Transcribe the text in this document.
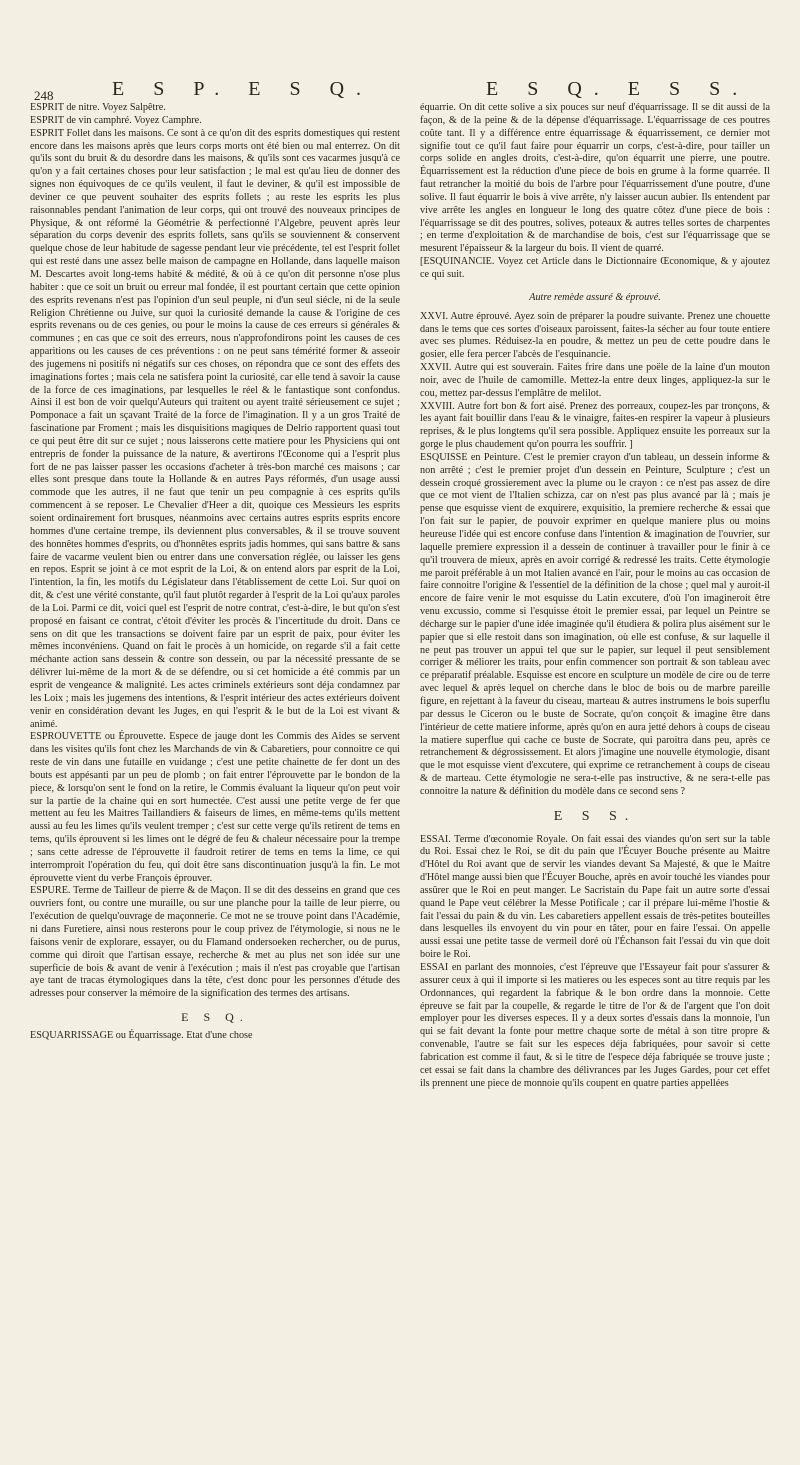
248	E S P. E S Q.	E S Q. E S S.

ESPRIT de nitre. Voyez Salpêtre.

ESPRIT de vin camphré. Voyez Camphre.

ESPRIT Follet dans les maisons. Ce sont à ce qu'on dit des esprits domestiques qui restent encore dans les maisons après que leurs corps morts ont été bien ou mal enterrez. On dit qu'ils sont du bruit & du desordre dans les maisons, & qu'ils sont ces vacarmes jusqu'à ce qu'on y a fait certaines choses pour leur satisfaction ; le mal est qu'au lieu de donner des signes non équivoques de ce qu'ils veulent, il faut le deviner, & qu'il est impossible de deviner ce que peuvent souhaiter des esprits follets ; au reste les esprits les plus raisonnables pendant l'animation de leur corps, qui ont trouvé des nouveaux principes de Physique, & ont réformé la Géométrie & perfectionné l'Algebre, peuvent après leur séparation du corps devenir des esprits follets, sans qu'ils se souviennent & conservent quelque chose de leur habitude de sagesse pendant leur vie précédente, tel est l'esprit follet qui est resté dans une assez belle maison de campagne en Hollande, dans laquelle maison M. Descartes avoit long-tems habité & médité, & où à ce qu'on dit personne n'ose plus habiter : que ce soit un bruit ou erreur mal fondée, il est pourtant certain que cette opinion des esprits revenans n'est pas l'opinion d'un seul peuple, ni d'un seul siécle, ni de la seule Religion Chrétienne ou Juive, sur quoi la curiosité demande la cause & l'origine de ces esprits revenans ou de ces genies, ou pour le moins la cause de ces erreurs si générales & communes ; en cas que ce soit des erreurs, nous n'approfondirons point les causes de ces apparitions ou les causes de ces préventions : on ne peut sans témérité former & asseoir des jugemens ni positifs ni négatifs sur ces choses, on répondra que ce sont des effets des imaginations fortes ; mais cela ne satisfera point la curiosité, car elle tend à savoir la cause de la force de ces imaginations, par lesquelles le réel & le fantastique sont confondus. Ainsi il est bon de voir quelqu'Auteurs qui traitent ou ayent traité sérieusement ce sujet ; Pomponace a fait un sçavant Traité de la force de l'imagination. Il y a un gros Traité de fascinatione par Froment ; mais les disquisitions magiques de Delrio rapportent quasi tout ce qui peut être dit sur ce sujet ; nous laisserons cette matiere pour les Physiciens qui ont entrepris de fonder la puissance de la nature, & avertirons l'Œconome qui a l'esprit plus fort de ne pas laisser passer les occasions d'acheter à très-bon marché ces maisons ; car elles sont presque dans toute la Hollande & en autres Pays réformés, d'un usage aussi commode que les autres, il ne faut que tenir un peu compagnie à ces esprits qu'ils commencent à se reposer. Le Chevalier d'Heer a dit, quoique ces Messieurs les esprits soient ordinairement fort brusques, néanmoins avec certains autres esprits esprits encore hommes d'une certaine trempe, ils deviennent plus conversables, & il se trouve souvent des honnêtes hommes d'esprits, ou d'honnêtes esprits jadis hommes, qui sans battre & sans faire de vacarme veulent bien ou entrer dans une conversation réglée, ou laisser les gens en repos. Esprit se joint à ce mot esprit de la Loi, & on entend alors par esprit de la Loi, l'intention, la fin, les motifs du Législateur dans l'établissement de cette Loi. Sur quoi on dit, & c'est une vérité constante, qu'il faut plutôt regarder à l'esprit de la Loi qu'aux paroles de la Loi. Parmi ce dit, voici quel est l'esprit de notre contrat, c'est-à-dire, le but qu'on s'est proposé en faisant ce contrat, c'étoit d'éviter les procès & l'incertitude du droit. Dans ce sens on dit que les transactions se doivent faire par un esprit de paix, pour éviter les mêmes inconvéniens. Quand on fait le procès à un homicide, on regarde s'il a fait cette méchante action sans dessein & contre son dessein, ou par la nécessité pressante de se délivrer lui-même de la mort & de se défendre, ou si cet homicide a été commis par un esprit de vengeance & malignité. Les actes criminels extérieurs sont déja condamnez par les Loix ; mais les jugemens des intentions, & l'esprit intérieur des actes extérieurs doivent venir en considération devant les Juges, en qui l'esprit & le but de la Loi est vivant & animé.

ESPROUVETTE ou Éprouvette. Espece de jauge dont les Commis des Aides se servent dans les visites qu'ils font chez les Marchands de vin & Cabaretiers, pour connoitre ce qui reste de vin dans une futaille en vuidange ; c'est une petite chainette de fer dont un des bouts est appésanti par un peu de plomb ; on fait entrer l'éprouvette par le bondon de la piece, & lorsqu'on sent le fond on la retire, le Commis évaluant la liqueur qu'on peut voir sur la partie de la chaine qui en sort humectée. C'est aussi une petite verge de fer que mettent au feu les Maitres Taillandiers & faiseurs de limes, en même-tems qu'ils mettent aussi au feu les limes qu'ils veulent tremper ; c'est sur cette verge qu'ils retirent de tems en tems, qu'ils éprouvent si les limes ont le dégré de feu & chaleur nécessaire pour la trempe ; sans cette adresse de l'éprouvette il faudroit retirer de tems en tems la lime, ce qui interromproit l'opération du feu, qui doit être sans discontinuation jusqu'à la fin. Le mot éprouvette vient du verbe François éprouver.

ESPURE. Terme de Tailleur de pierre & de Maçon. Il se dit des desseins en grand que ces ouvriers font, ou contre une muraille, ou sur une planche pour la taille de leur pierre, ou l'exécution de quelqu'ouvrage de maçonnerie. Ce mot ne se trouve point dans l'Académie, ni dans Furetiere, ainsi nous resterons pour le coup privez de l'étymologie, si nous ne le faisons venir de explorare, essayer, ou du Flamand ondersoeken rechercher, ou de purus, comme qui diroit que l'artisan essaye, recherche & met au plus net son idée sur une superficie de bois & avant de venir à l'exécution ; mais il n'est pas croyable que l'artisan aye tant de tracas étymologiques dans la tête, c'est donc pour les personnes d'étude des adresses pour conserver la mémoire de la signification des termes des artisans.

E S Q.

ESQUARRISSAGE ou Équarrissage. Etat d'une chose

équarrie. On dit cette solive a six pouces sur neuf d'équarrissage. Il se dit aussi de la façon, & de la peine & de la dépense d'équarrissage. L'équarrissage de ces poutres coûte tant. Il y a différence entre équarrissage & équarrissement, ce dernier mot signifie tout ce qu'il faut faire pour équarrir un corps, c'est-à-dire, pour tailler un corps solide en angles droits, c'est-à-dire, qu'on équarrit une pierre, une poutre. Équarrissement est la réduction d'une piece de bois en grume à la forme quarrée. Il faut retrancher la moitié du bois de l'arbre pour l'équarrissement d'une poutre, d'une solive. Il faut équarrir le bois à vive arrête, n'y laisser aucun aubier. Ils entendent par vive arrête les angles en longueur le long des quatre côtez d'une piece de bois : l'équarrissage se dit des poutres, solives, poteaux & autres telles sortes de charpentes ; en terme d'exploitation & de marchandise de bois, c'est sur l'équarrissage que se mesurent l'épaisseur & la largeur du bois. Il vient de quarré.

[ESQUINANCIE. Voyez cet Article dans le Dictionnaire Œconomique, & y ajoutez ce qui suit.

Autre remède assuré & éprouvé.

XXVI. Autre éprouvé. Ayez soin de préparer la poudre suivante. Prenez une chouette dans le tems que ces sortes d'oiseaux paroissent, faites-la sécher au four toute entiere avec ses plumes. Réduisez-la en poudre, & mettez un peu de cette poudre dans le gosier, elle fera percer l'abcès de l'esquinancie.

XXVII. Autre qui est souverain. Faites frire dans une poële de la laine d'un mouton noir, avec de l'huile de camomille. Mettez-la entre deux linges, appliquez-la sur le cou, mettez par-dessus l'emplâtre de melilot.

XXVIII. Autre fort bon & fort aisé. Prenez des porreaux, coupez-les par tronçons, & les ayant fait bouillir dans l'eau & le vinaigre, faites-en respirer la vapeur à plusieurs reprises, & le plus longtems qu'il sera possible. Appliquez ensuite les porreaux sur la gorge le plus chaudement qu'on pourra les souffrir. ]

ESQUISSE en Peinture. C'est le premier crayon d'un tableau, un dessein informe & non arrêté ; c'est le premier projet d'un dessein en Peinture, Sculpture ; c'est un dessein croqué grossierement avec la plume ou le crayon : ce n'est pas assez de dire que ce mot vient de l'Italien schizza, car on n'est pas plus avancé par là ; mais je pense que esquisse vient de exquirere, exquisitio, la premiere recherche & essai que l'on fait sur le papier, de pouvoir exprimer en quelque maniere plus ou moins heureuse l'idée qui est encore confuse dans l'intention & imagination de l'ouvrier, sur laquelle premiere expression il a dessein de continuer à travailler pour le finir à ce qu'il trouvera de mieux, après en avoir corrigé & redressé les traits. Cette étymologie me paroit préférable à un mot Italien avancé en l'air, pour le moins au cas occasion de faire connoitre l'origine & l'essentiel de la définition de la chose ; quel mal y auroit-il encore de faire venir le mot esquisse du Latin excutere, d'où l'on imagineroit être venu excussio, comme si l'esquisse étoit le premier essai, par lequel un Peintre se décharge sur le papier d'une idée imaginée qu'il étudiera & polira plus aisément sur le papier que si elle restoit dans son imagination, où elle est confuse, & sur laquelle il ne peut pas trouver un appui tel que sur le papier, sur lequel il peut sensiblement corriger & méliorer les traits, pour enfin commencer son portrait & son tableau avec ce préparatif préalable. Esquisse est encore en sculpture un modèle de cire ou de terre avec lequel & après lequel on cherche dans le bloc de bois ou de marbre pareille figure, en rejettant à la faveur du ciseau, marteau & autres instrumens le bois superflu par dessus le Ciceron ou le buste de Socrate, qu'on conçoit & imagine être dans l'intérieur de cette matiere informe, après qu'on en aura jetté dehors à coups de ciseau la matiere superflue qui cache ce buste de Socrate, qui paroitra dans peu, après ce retranchement & dégrossissement. Et alors j'imagine une nouvelle étymologie, disant que le mot esquisse vient d'excutere, qui exprime ce retranchement à coups de ciseau & de marteau. Cette étymologie ne sera-t-elle pas instructive, & ne sera-t-elle pas connoitre la nature & définition du modèle dans ce second sens ?

E S S.

ESSAI. Terme d'œconomie Royale. On fait essai des viandes qu'on sert sur la table du Roi. Essai chez le Roi, se dit du pain que l'Écuyer Bouche présente au Maitre d'Hôtel du Roi avant que de servir les viandes devant Sa Majesté, & que le Maitre d'Hôtel mange aussi bien que l'Écuyer Bouche, après en avoir touché les viandes pour assûrer que le Roi en peut manger. Le Sacristain du Pape fait un autre sorte d'essai quand le Pape veut célébrer la Messe Potificale ; car il prépare lui-même l'hostie & fait l'essai du pain & du vin. Les cabaretiers appellent essais de très-petites bouteilles dans lesquelles ils envoyent du vin pour en tâter, pour en faire l'essai. On appelle aussi essai une petite tasse de vermeil doré où l'Échanson fait l'essai du vin que doit boire le Roi.

ESSAI en parlant des monnoies, c'est l'épreuve que l'Essayeur fait pour s'assurer & assurer ceux à qui il importe si les matieres ou les especes sont au titre requis par les Ordonnances, qui regardent la fabrique & le bon ordre dans la monnoie. Cette épreuve se fait par la coupelle, & regarde le titre de l'or & de l'argent que l'on doit employer pour les diverses especes. Il y a deux sortes d'essais dans la monnoie, l'un qui se fait devant la fonte pour mettre chaque sorte de métal à son titre propre & convenable, l'autre se fait sur les especes déja fabriquées, pour savoir si cette fabrication est comme il faut, & si le titre de l'espece déja fabriquée se trouve juste ; cet essai se fait dans la chambre des délivrances par les Juges Gardes, pour cet effet ils prennent une piece de monnoie qu'ils coupent en quatre parties appellées
